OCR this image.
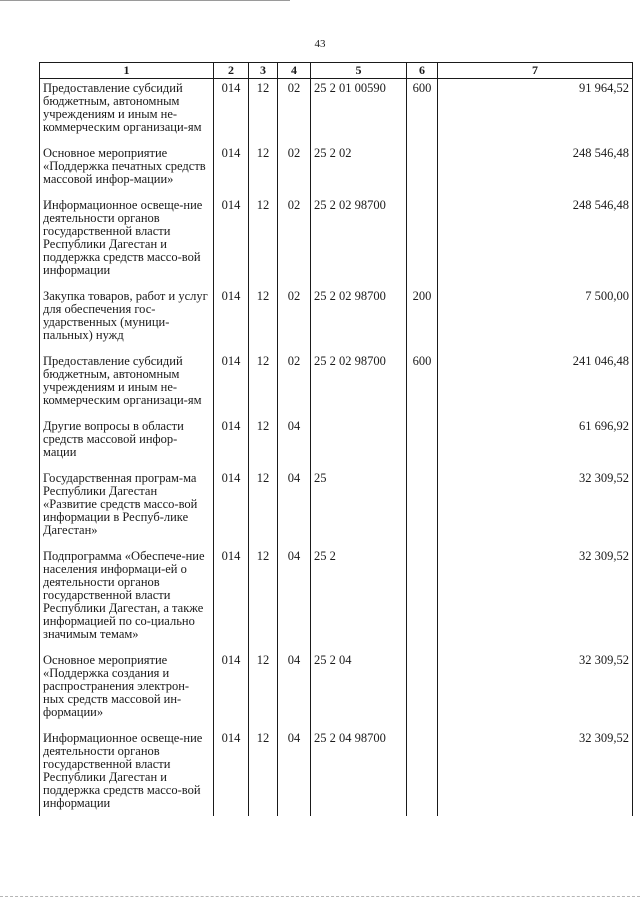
43
1	2	3	4	5	6	7
Предоставление субсидий бюджетным, автономным учреждениям и иным не-коммерческим организаци-ям	014	12	02	25 2 01 00590	600	91 964,52
Основное мероприятие «Поддержка печатных средств массовой инфор-мации»	014	12	02	25 2 02		248 546,48
Информационное освеще-ние деятельности органов государственной власти Республики Дагестан и поддержка средств массо-вой информации	014	12	02	25 2 02 98700		248 546,48
Закупка товаров, работ и услуг для обеспечения гос-ударственных (муници-пальных) нужд	014	12	02	25 2 02 98700	200	7 500,00
Предоставление субсидий бюджетным, автономным учреждениям и иным не-коммерческим организаци-ям	014	12	02	25 2 02 98700	600	241 046,48
Другие вопросы в области средств массовой инфор-мации	014	12	04			61 696,92
Государственная програм-ма Республики Дагестан «Развитие средств массо-вой информации в Респуб-лике Дагестан»	014	12	04	25		32 309,52
Подпрограмма «Обеспече-ние населения информаци-ей о деятельности органов государственной власти Республики Дагестан, а также информацией по со-циально значимым темам»	014	12	04	25 2		32 309,52
Основное мероприятие «Поддержка создания и распространения электрон-ных средств массовой ин-формации»	014	12	04	25 2 04		32 309,52
Информационное освеще-ние деятельности органов государственной власти Республики Дагестан и поддержка средств массо-вой информации	014	12	04	25 2 04 98700		32 309,52
